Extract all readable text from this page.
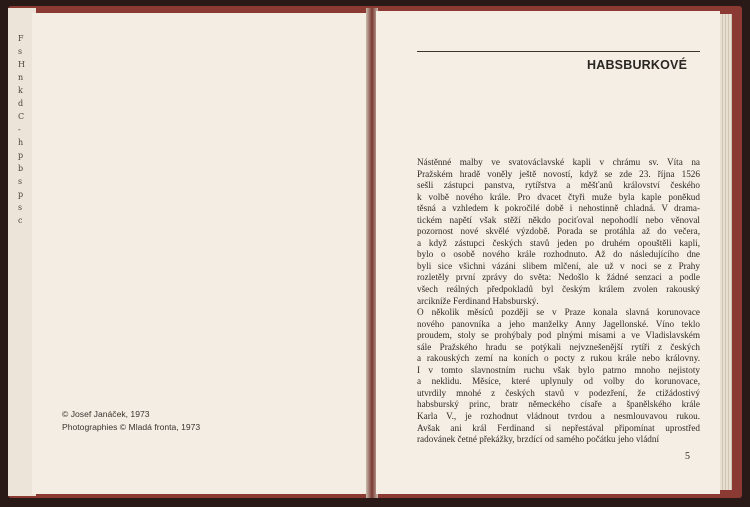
F
s
H
n
k
d
C
-
h
p
b
s
p
s
c
© Josef Janáček, 1973
Photographies © Mladá fronta, 1973
HABSBURKOVÉ
Nástěnné malby ve svatováclavské kapli v chrámu sv. Víta na
Pražském hradě voněly ještě novostí, když se zde 23. října 1526
sešli zástupci panstva, rytířstva a měšťanů království českého
k volbě nového krále. Pro dvacet čtyři muže byla kaple poněkud
těsná a vzhledem k pokročilé době i nehostinně chladná. V drama-
tickém napětí však stěží někdo pociťoval nepohodlí nebo věnoval
pozornost nové skvělé výzdobě. Porada se protáhla až do večera,
a když zástupci českých stavů jeden po druhém opouštěli kapli,
bylo o osobě nového krále rozhodnuto. Až do následujícího dne
byli sice všichni vázáni slibem mlčení, ale už v noci se z Prahy
rozletěly první zprávy do světa: Nedošlo k žádné senzaci a podle
všech reálných předpokladů byl českým králem zvolen rakouský
arcikníže Ferdinand Habsburský.
O několik měsíců později se v Praze konala slavná korunovace
nového panovníka a jeho manželky Anny Jagellonské. Víno teklo
proudem, stoly se prohýbaly pod plnými mísami a ve Vladislavském
sále Pražského hradu se potýkali nejvznešenější rytíři z českých
a rakouských zemí na koních o pocty z rukou krále nebo královny.
I v tomto slavnostním ruchu však bylo patrno mnoho nejistoty
a neklidu. Měsíce, které uplynuly od volby do korunovace,
utvrdily mnohé z českých stavů v podezření, že ctižádostivý
habsburský princ, bratr německého císaře a španělského krále
Karla V., je rozhodnut vládnout tvrdou a nesmlouvavou rukou.
Avšak ani král Ferdinand si nepřestával připomínat uprostřed
radovánek četné překážky, brzdící od samého počátku jeho vládní
5
